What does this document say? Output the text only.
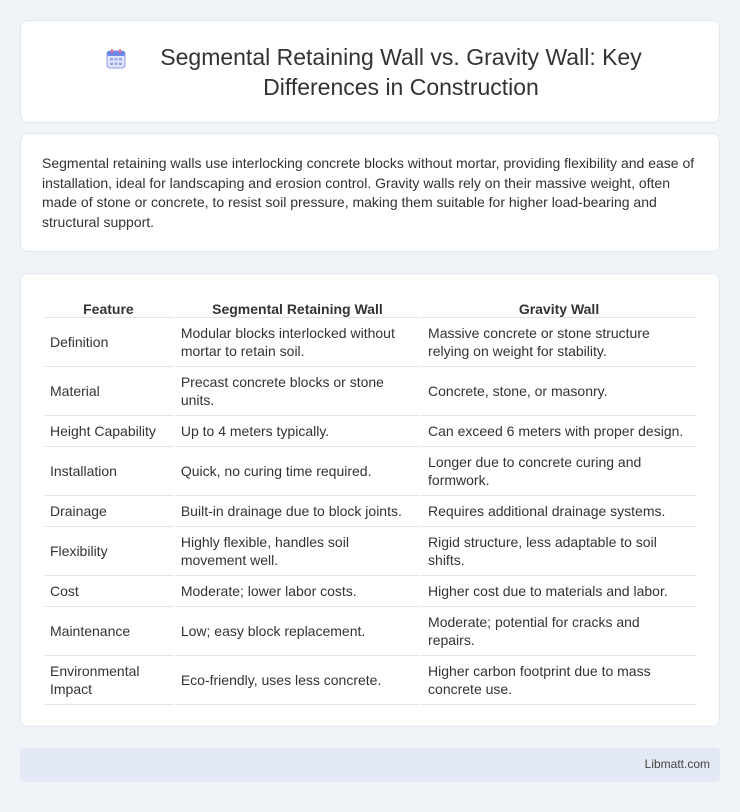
Segmental Retaining Wall vs. Gravity Wall: Key Differences in Construction

Segmental retaining walls use interlocking concrete blocks without mortar, providing flexibility and ease of installation, ideal for landscaping and erosion control. Gravity walls rely on their massive weight, often made of stone or concrete, to resist soil pressure, making them suitable for higher load-bearing and structural support.

Feature	Segmental Retaining Wall	Gravity Wall
Definition	Modular blocks interlocked without mortar to retain soil.	Massive concrete or stone structure relying on weight for stability.
Material	Precast concrete blocks or stone units.	Concrete, stone, or masonry.
Height Capability	Up to 4 meters typically.	Can exceed 6 meters with proper design.
Installation	Quick, no curing time required.	Longer due to concrete curing and formwork.
Drainage	Built-in drainage due to block joints.	Requires additional drainage systems.
Flexibility	Highly flexible, handles soil movement well.	Rigid structure, less adaptable to soil shifts.
Cost	Moderate; lower labor costs.	Higher cost due to materials and labor.
Maintenance	Low; easy block replacement.	Moderate; potential for cracks and repairs.
Environmental Impact	Eco-friendly, uses less concrete.	Higher carbon footprint due to mass concrete use.
Libmatt.com
